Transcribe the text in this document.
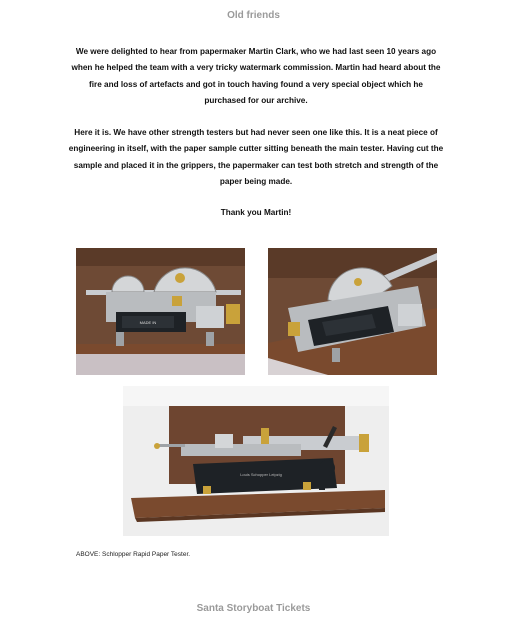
Old friends

We were delighted to hear from papermaker Martin Clark, who we had last seen 10 years ago when he helped the team with a very tricky watermark commission. Martin had heard about the fire and loss of artefacts and got in touch having found a very special object which he purchased for our archive.

Here it is. We have other strength testers but had never seen one like this. It is a neat piece of engineering in itself, with the paper sample cutter sitting beneath the main tester. Having cut the sample and placed it in the grippers, the papermaker can test both stretch and strength of the paper being made.

Thank you Martin!

MADE IN
Louis Schopper Leipzig
ABOVE: Schlopper Rapid Paper Tester.
Santa Storyboat Tickets
